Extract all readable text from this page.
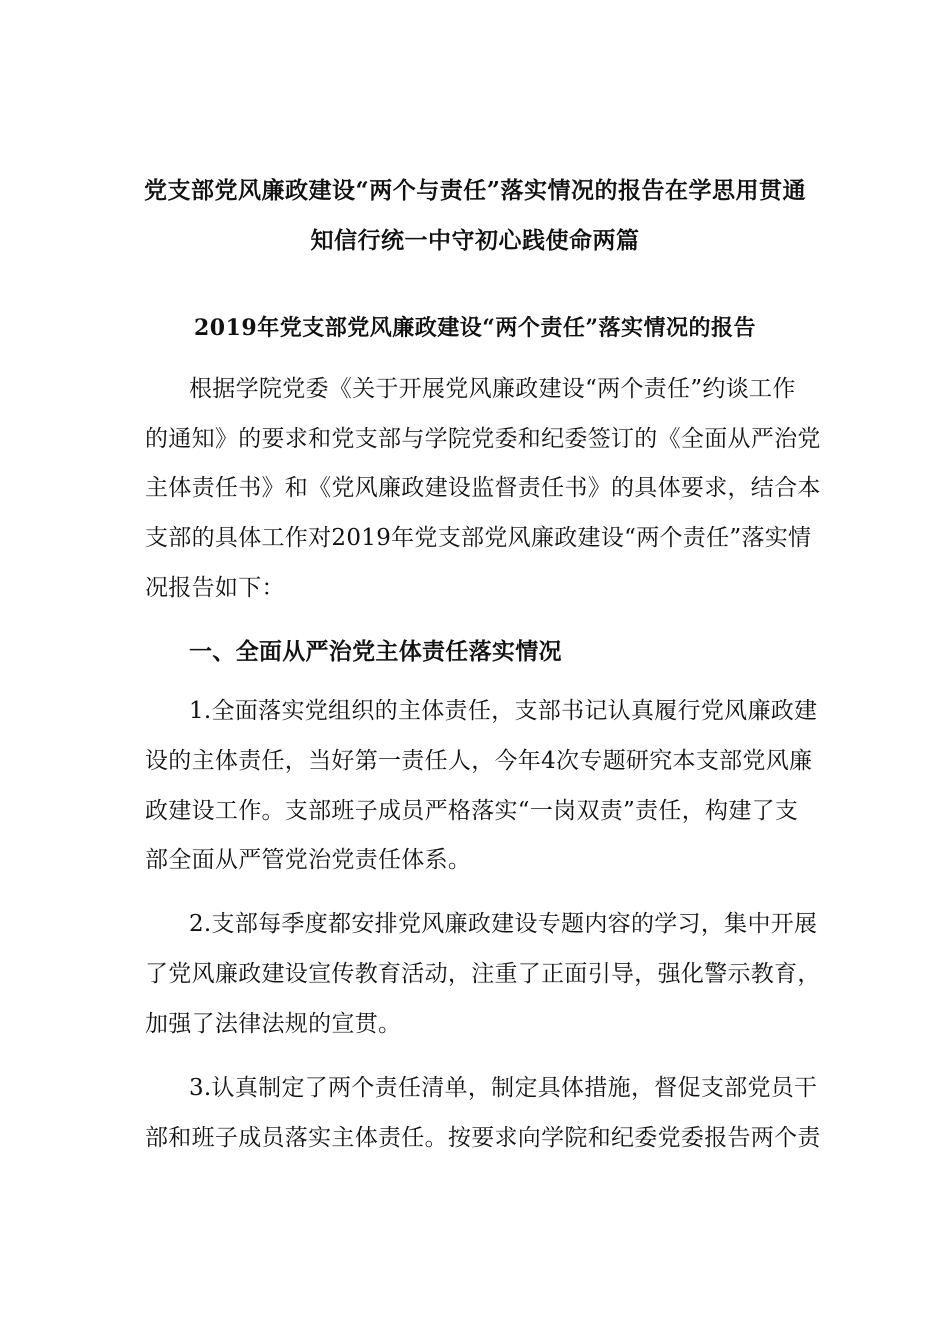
党支部党风廉政建设“两个与责任”落实情况的报告在学思用贯通
知信行统一中守初心践使命两篇
2019年党支部党风廉政建设“两个责任”落实情况的报告
根据学院党委《关于开展党风廉政建设“两个责任”约谈工作
的通知》的要求和党支部与学院党委和纪委签订的《全面从严治党
主体责任书》和《党风廉政建设监督责任书》的具体要求，结合本
支部的具体工作对2019年党支部党风廉政建设“两个责任”落实情
况报告如下：
一、全面从严治党主体责任落实情况
1.全面落实党组织的主体责任，支部书记认真履行党风廉政建
设的主体责任，当好第一责任人，今年4次专题研究本支部党风廉
政建设工作。支部班子成员严格落实“一岗双责”责任，构建了支
部全面从严管党治党责任体系。
2.支部每季度都安排党风廉政建设专题内容的学习，集中开展
了党风廉政建设宣传教育活动，注重了正面引导，强化警示教育，
加强了法律法规的宣贯。
3.认真制定了两个责任清单，制定具体措施，督促支部党员干
部和班子成员落实主体责任。按要求向学院和纪委党委报告两个责
